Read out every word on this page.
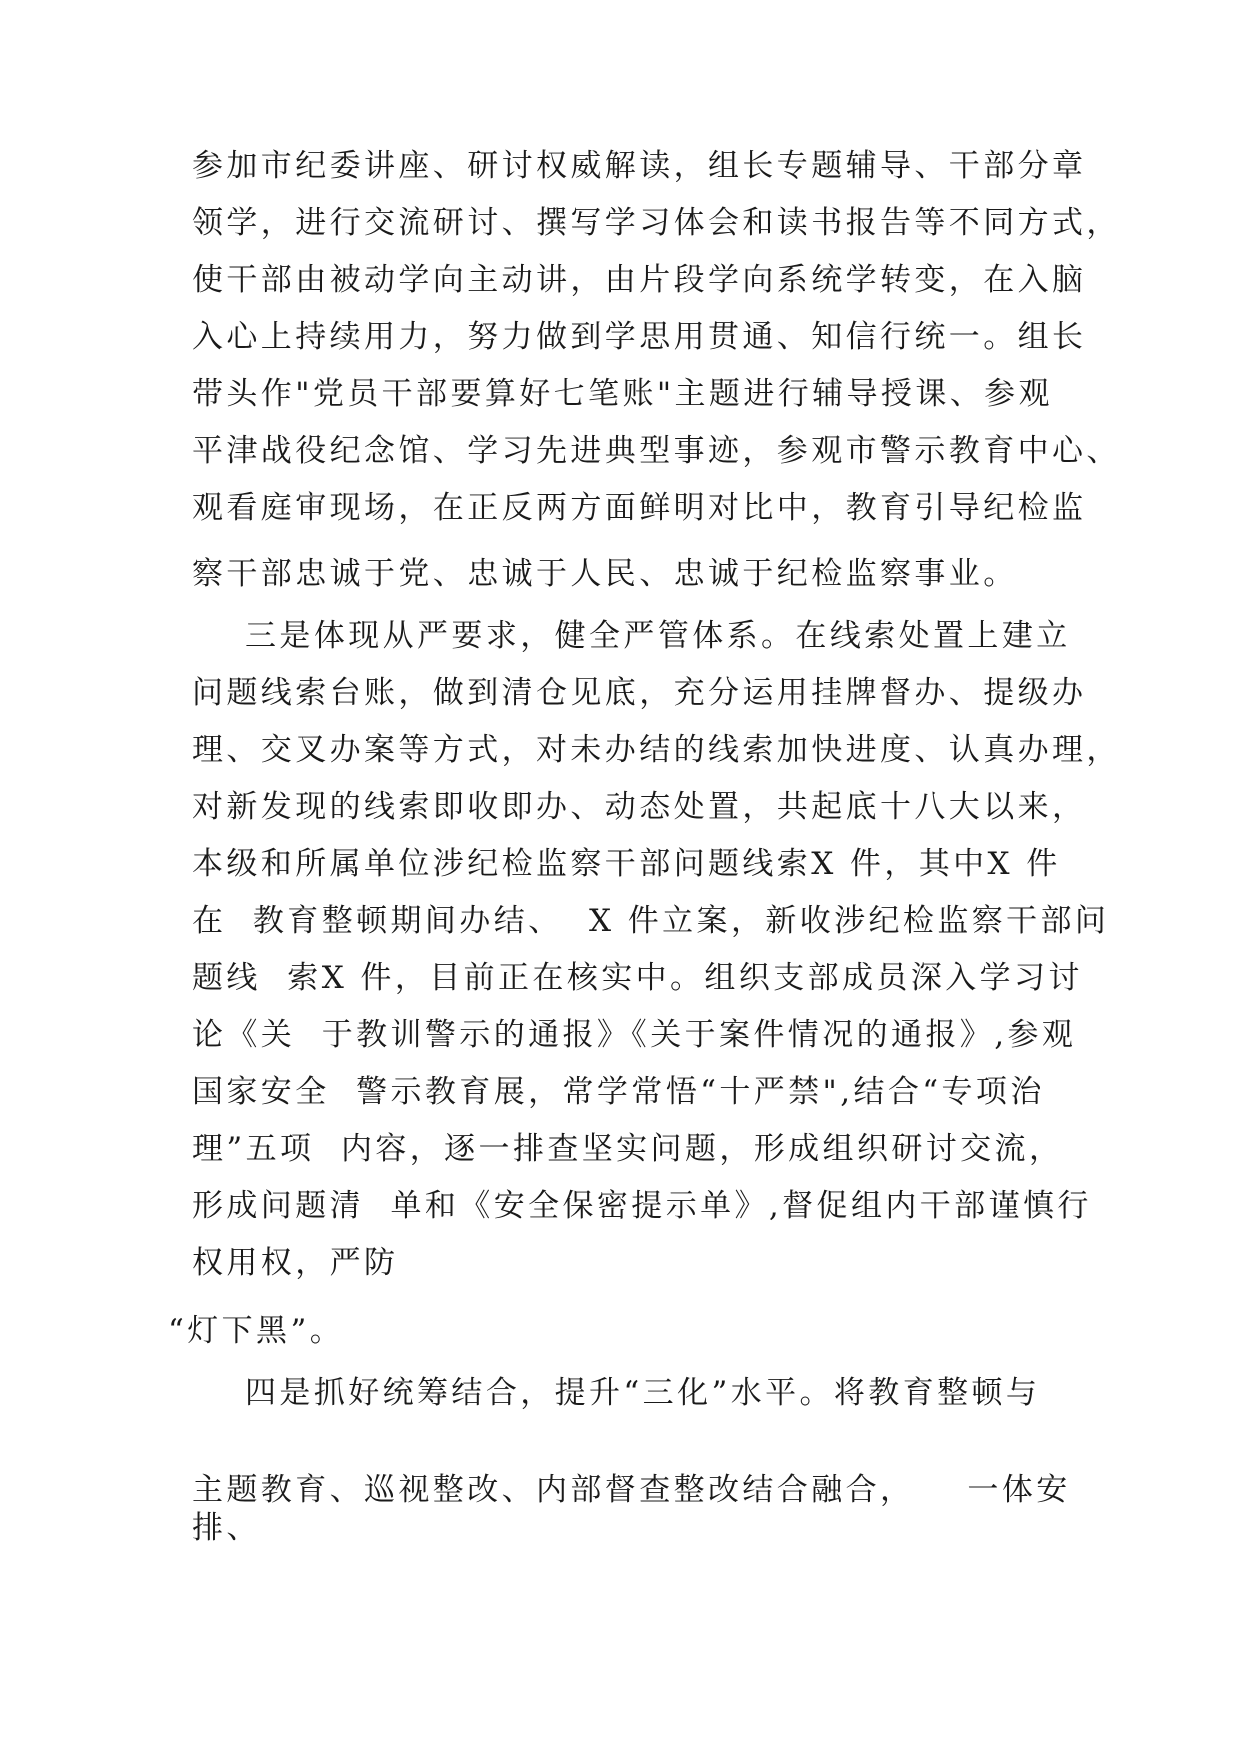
参加市纪委讲座、研讨权威解读，组长专题辅导、干部分章
领学，进行交流研讨、撰写学习体会和读书报告等不同方式，
使干部由被动学向主动讲，由片段学向系统学转变，在入脑
入心上持续用力，努力做到学思用贯通、知信行统一。组长
带头作"党员干部要算好七笔账"主题进行辅导授课、参观
平津战役纪念馆、学习先进典型事迹，参观市警示教育中心、
观看庭审现场，在正反两方面鲜明对比中，教育引导纪检监
察干部忠诚于党、忠诚于人民、忠诚于纪检监察事业。
三是体现从严要求，健全严管体系。在线索处置上建立
问题线索台账，做到清仓见底，充分运用挂牌督办、提级办
理、交叉办案等方式，对未办结的线索加快进度、认真办理，
对新发现的线索即收即办、动态处置，共起底十八大以来，
本级和所属单位涉纪检监察干部问题线索X 件，其中X 件
在  教育整顿期间办结、  X 件立案，新收涉纪检监察干部问
题线  索X 件，目前正在核实中。组织支部成员深入学习讨
论《关  于教训警示的通报》《关于案件情况的通报》,参观
国家安全  警示教育展，常学常悟“十严禁",结合“专项治
理”五项  内容，逐一排查坚实问题，形成组织研讨交流，
形成问题清  单和《安全保密提示单》,督促组内干部谨慎行
权用权，严防
“灯下黑”。
四是抓好统筹结合，提升“三化”水平。将教育整顿与
主题教育、巡视整改、内部督查整改结合融合，    一体安
排、
